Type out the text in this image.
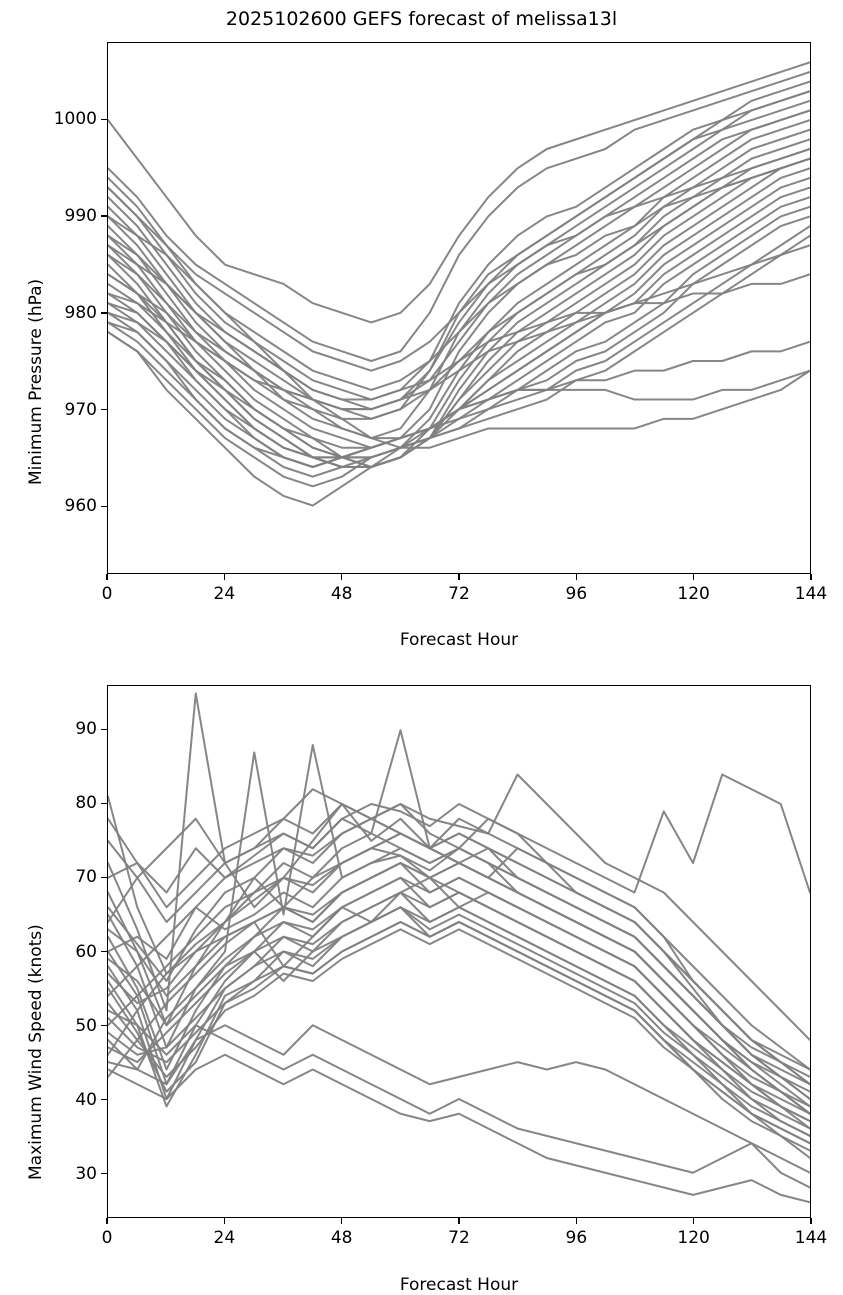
2025102600 GEFS forecast of melissa13l
Forecast Hour
Minimum Pressure (hPa)
0	24	48	72	96	120	144
960
970
980
990
1000
Forecast Hour
Maximum Wind Speed (knots)
0	24	48	72	96	120	144
30
40
50
60
70
80
90
